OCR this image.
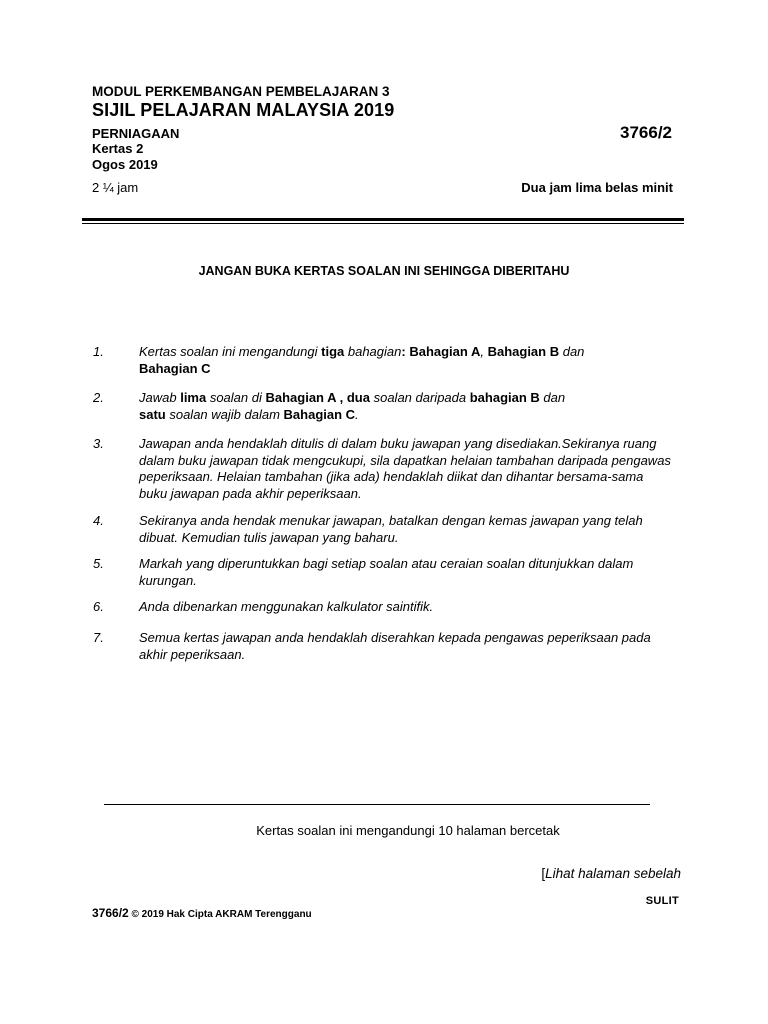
MODUL PERKEMBANGAN PEMBELAJARAN 3
SIJIL PELAJARAN MALAYSIA 2019
PERNIAGAAN	3766/2
Kertas 2
Ogos 2019
2 ¼ jam	Dua jam lima belas minit
JANGAN BUKA KERTAS SOALAN INI SEHINGGA DIBERITAHU
1.	Kertas soalan ini mengandungi tiga bahagian: Bahagian A, Bahagian B dan
Bahagian C
2.	Jawab lima soalan di Bahagian A , dua soalan daripada bahagian B dan
satu soalan wajib dalam Bahagian C.
3.	Jawapan anda hendaklah ditulis di dalam buku jawapan yang disediakan.Sekiranya ruang dalam buku jawapan tidak mengcukupi, sila dapatkan helaian tambahan daripada pengawas peperiksaan. Helaian tambahan (jika ada) hendaklah diikat dan dihantar bersama-sama buku jawapan pada akhir peperiksaan.
4.	Sekiranya anda hendak menukar jawapan, batalkan dengan kemas jawapan yang telah dibuat. Kemudian tulis jawapan yang baharu.
5.	Markah yang diperuntukkan bagi setiap soalan atau ceraian soalan ditunjukkan dalam kurungan.
6.	Anda dibenarkan menggunakan kalkulator saintifik.
7.	Semua kertas jawapan anda hendaklah diserahkan kepada pengawas peperiksaan pada akhir peperiksaan.
Kertas soalan ini mengandungi 10 halaman bercetak
[Lihat halaman sebelah
SULIT
3766/2 © 2019 Hak Cipta AKRAM Terengganu
